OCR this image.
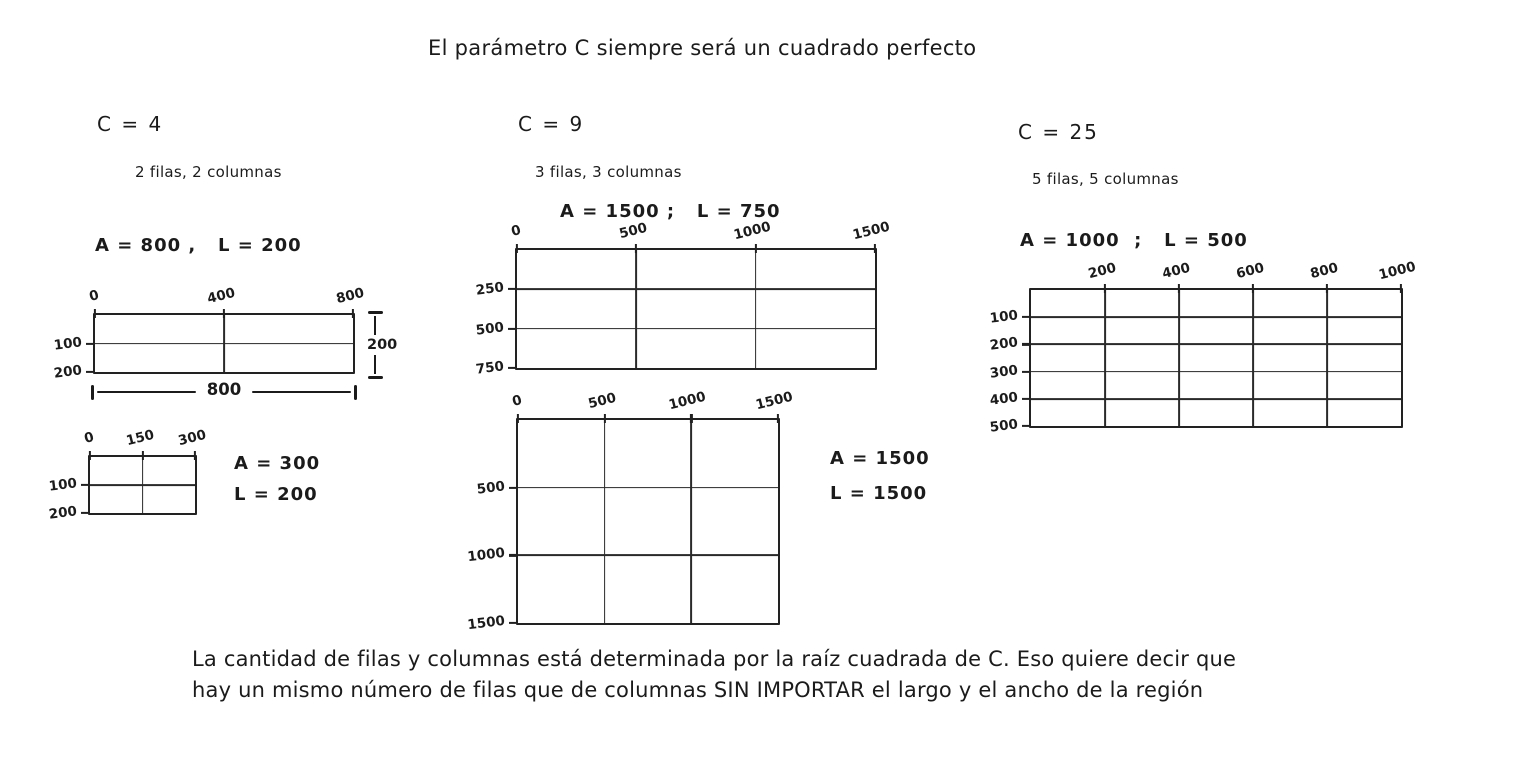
El parámetro C siempre será un cuadrado perfecto
C = 4
2 filas, 2 columnas
A = 800 ,   L = 200
0	400	800
100
200
200
800
0 150 300
100
200
A = 300
L = 200
C = 9
3 filas, 3 columnas
A = 1500 ;   L = 750
0	500	1000	1500
250
500
750
0	500	1000	1500
500
1000
1500
A = 1500
L = 1500
C = 25
5 filas, 5 columnas
A = 1000  ;   L = 500
200	400	600	800	1000
100
200
300
400
500
La cantidad de filas y columnas está determinada por la raíz cuadrada de C. Eso quiere decir que
hay un mismo número de filas que de columnas SIN IMPORTAR el largo y el ancho de la región
